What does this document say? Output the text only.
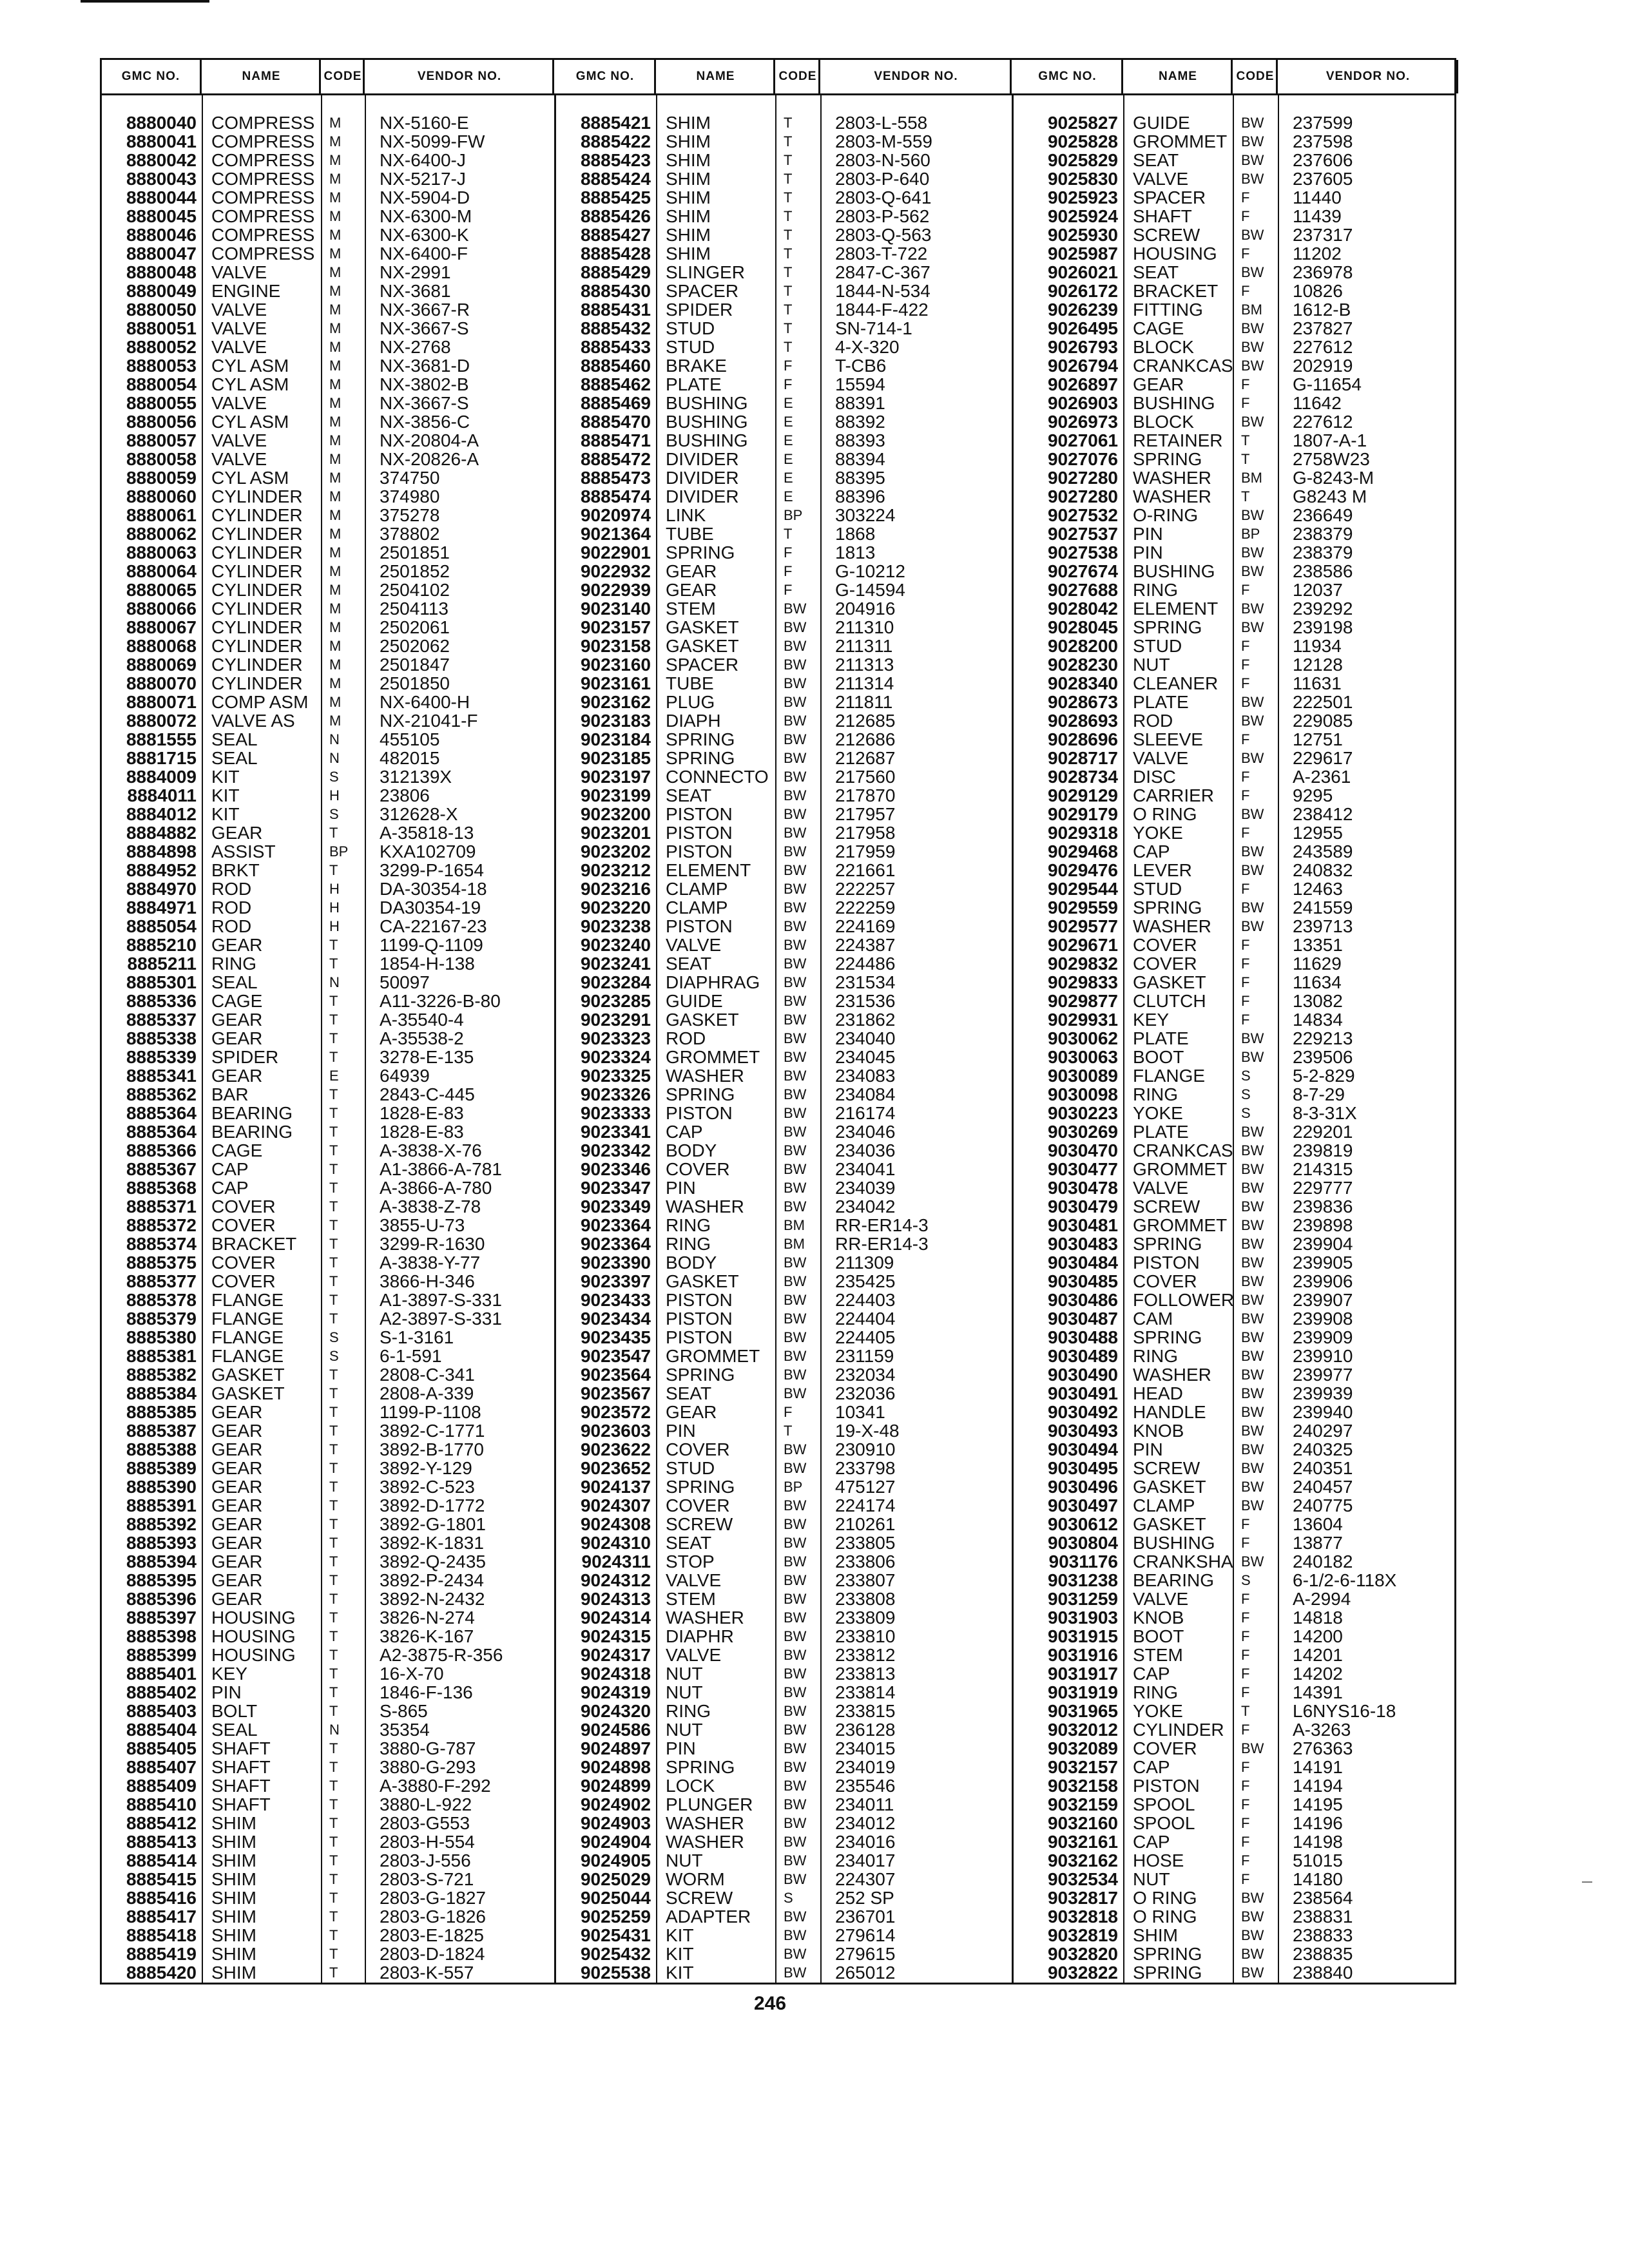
GMC NO.	NAME	CODE	VENDOR NO.	GMC NO.	NAME	CODE	VENDOR NO.	GMC NO.	NAME	CODE	VENDOR NO.
8880040 COMPRESS	M	NX-5160-E
8880041 COMPRESS	M	NX-5099-FW
8880042 COMPRESS	M	NX-6400-J
8880043 COMPRESS	M	NX-5217-J
8880044 COMPRESS	M	NX-5904-D
8880045 COMPRESS	M	NX-6300-M
8880046 COMPRESS	M	NX-6300-K
8880047 COMPRESS	M	NX-6400-F
8880048 VALVE	M	NX-2991
8880049 ENGINE	M	NX-3681
8880050 VALVE	M	NX-3667-R
8880051 VALVE	M	NX-3667-S
8880052 VALVE	M	NX-2768
8880053 CYL ASM	M	NX-3681-D
8880054 CYL ASM	M	NX-3802-B
8880055 VALVE	M	NX-3667-S
8880056 CYL ASM	M	NX-3856-C
8880057 VALVE	M	NX-20804-A
8880058 VALVE	M	NX-20826-A
8880059 CYL ASM	M	374750
8880060 CYLINDER	M	374980
8880061 CYLINDER	M	375278
8880062 CYLINDER	M	378802
8880063 CYLINDER	M	2501851
8880064 CYLINDER	M	2501852
8880065 CYLINDER	M	2504102
8880066 CYLINDER	M	2504113
8880067 CYLINDER	M	2502061
8880068 CYLINDER	M	2502062
8880069 CYLINDER	M	2501847
8880070 CYLINDER	M	2501850
8880071 COMP ASM	M	NX-6400-H
8880072 VALVE AS	M	NX-21041-F
8881555 SEAL	N	455105
8881715 SEAL	N	482015
8884009 KIT	S	312139X
8884011 KIT	H	23806
8884012 KIT	S	312628-X
8884882 GEAR	T	A-35818-13
8884898 ASSIST	BP	KXA102709
8884952 BRKT	T	3299-P-1654
8884970 ROD	H	DA-30354-18
8884971 ROD	H	DA30354-19
8885054 ROD	H	CA-22167-23
8885210 GEAR	T	1199-Q-1109
8885211 RING	T	1854-H-138
8885301 SEAL	N	50097
8885336 CAGE	T	A11-3226-B-80
8885337 GEAR	T	A-35540-4
8885338 GEAR	T	A-35538-2
8885339 SPIDER	T	3278-E-135
8885341 GEAR	E	64939
8885362 BAR	T	2843-C-445
8885364 BEARING	T	1828-E-83
8885364 BEARING	T	1828-E-83
8885366 CAGE	T	A-3838-X-76
8885367 CAP	T	A1-3866-A-781
8885368 CAP	T	A-3866-A-780
8885371 COVER	T	A-3838-Z-78
8885372 COVER	T	3855-U-73
8885374 BRACKET	T	3299-R-1630
8885375 COVER	T	A-3838-Y-77
8885377 COVER	T	3866-H-346
8885378 FLANGE	T	A1-3897-S-331
8885379 FLANGE	T	A2-3897-S-331
8885380 FLANGE	S	S-1-3161
8885381 FLANGE	S	6-1-591
8885382 GASKET	T	2808-C-341
8885384 GASKET	T	2808-A-339
8885385 GEAR	T	1199-P-1108
8885387 GEAR	T	3892-C-1771
8885388 GEAR	T	3892-B-1770
8885389 GEAR	T	3892-Y-129
8885390 GEAR	T	3892-C-523
8885391 GEAR	T	3892-D-1772
8885392 GEAR	T	3892-G-1801
8885393 GEAR	T	3892-K-1831
8885394 GEAR	T	3892-Q-2435
8885395 GEAR	T	3892-P-2434
8885396 GEAR	T	3892-N-2432
8885397 HOUSING	T	3826-N-274
8885398 HOUSING	T	3826-K-167
8885399 HOUSING	T	A2-3875-R-356
8885401 KEY	T	16-X-70
8885402 PIN	T	1846-F-136
8885403 BOLT	T	S-865
8885404 SEAL	N	35354
8885405 SHAFT	T	3880-G-787
8885407 SHAFT	T	3880-G-293
8885409 SHAFT	T	A-3880-F-292
8885410 SHAFT	T	3880-L-922
8885412 SHIM	T	2803-G553
8885413 SHIM	T	2803-H-554
8885414 SHIM	T	2803-J-556
8885415 SHIM	T	2803-S-721
8885416 SHIM	T	2803-G-1827
8885417 SHIM	T	2803-G-1826
8885418 SHIM	T	2803-E-1825
8885419 SHIM	T	2803-D-1824
8885420 SHIM	T	2803-K-557
8885421 SHIM	T	2803-L-558
8885422 SHIM	T	2803-M-559
8885423 SHIM	T	2803-N-560
8885424 SHIM	T	2803-P-640
8885425 SHIM	T	2803-Q-641
8885426 SHIM	T	2803-P-562
8885427 SHIM	T	2803-Q-563
8885428 SHIM	T	2803-T-722
8885429 SLINGER	T	2847-C-367
8885430 SPACER	T	1844-N-534
8885431 SPIDER	T	1844-F-422
8885432 STUD	T	SN-714-1
8885433 STUD	T	4-X-320
8885460 BRAKE	F	T-CB6
8885462 PLATE	F	15594
8885469 BUSHING	E	88391
8885470 BUSHING	E	88392
8885471 BUSHING	E	88393
8885472 DIVIDER	E	88394
8885473 DIVIDER	E	88395
8885474 DIVIDER	E	88396
9020974 LINK	BP	303224
9021364 TUBE	T	1868
9022901 SPRING	F	1813
9022932 GEAR	F	G-10212
9022939 GEAR	F	G-14594
9023140 STEM	BW	204916
9023157 GASKET	BW	211310
9023158 GASKET	BW	211311
9023160 SPACER	BW	211313
9023161 TUBE	BW	211314
9023162 PLUG	BW	211811
9023183 DIAPH	BW	212685
9023184 SPRING	BW	212686
9023185 SPRING	BW	212687
9023197 CONNECTO	BW	217560
9023199 SEAT	BW	217870
9023200 PISTON	BW	217957
9023201 PISTON	BW	217958
9023202 PISTON	BW	217959
9023212 ELEMENT	BW	221661
9023216 CLAMP	BW	222257
9023220 CLAMP	BW	222259
9023238 PISTON	BW	224169
9023240 VALVE	BW	224387
9023241 SEAT	BW	224486
9023284 DIAPHRAG	BW	231534
9023285 GUIDE	BW	231536
9023291 GASKET	BW	231862
9023323 ROD	BW	234040
9023324 GROMMET	BW	234045
9023325 WASHER	BW	234083
9023326 SPRING	BW	234084
9023333 PISTON	BW	216174
9023341 CAP	BW	234046
9023342 BODY	BW	234036
9023346 COVER	BW	234041
9023347 PIN	BW	234039
9023349 WASHER	BW	234042
9023364 RING	BM	RR-ER14-3
9023364 RING	BM	RR-ER14-3
9023390 BODY	BW	211309
9023397 GASKET	BW	235425
9023433 PISTON	BW	224403
9023434 PISTON	BW	224404
9023435 PISTON	BW	224405
9023547 GROMMET	BW	231159
9023564 SPRING	BW	232034
9023567 SEAT	BW	232036
9023572 GEAR	F	10341
9023603 PIN	T	19-X-48
9023622 COVER	BW	230910
9023652 STUD	BW	233798
9024137 SPRING	BP	475127
9024307 COVER	BW	224174
9024308 SCREW	BW	210261
9024310 SEAT	BW	233805
9024311 STOP	BW	233806
9024312 VALVE	BW	233807
9024313 STEM	BW	233808
9024314 WASHER	BW	233809
9024315 DIAPHR	BW	233810
9024317 VALVE	BW	233812
9024318 NUT	BW	233813
9024319 NUT	BW	233814
9024320 RING	BW	233815
9024586 NUT	BW	236128
9024897 PIN	BW	234015
9024898 SPRING	BW	234019
9024899 LOCK	BW	235546
9024902 PLUNGER	BW	234011
9024903 WASHER	BW	234012
9024904 WASHER	BW	234016
9024905 NUT	BW	234017
9025029 WORM	BW	224307
9025044 SCREW	S	252 SP
9025259 ADAPTER	BW	236701
9025431 KIT	BW	279614
9025432 KIT	BW	279615
9025538 KIT	BW	265012
9025827 GUIDE	BW	237599
9025828 GROMMET BW	237598
9025829 SEAT	BW	237606
9025830 VALVE	BW	237605
9025923 SPACER	F	11440
9025924 SHAFT	F	11439
9025930 SCREW	BW	237317
9025987 HOUSING	F	11202
9026021 SEAT	BW	236978
9026172 BRACKET	F	10826
9026239 FITTING	BM	1612-B
9026495 CAGE	BW	237827
9026793 BLOCK	BW	227612
9026794 CRANKCAS BW	202919
9026897 GEAR	F	G-11654
9026903 BUSHING	F	11642
9026973 BLOCK	BW	227612
9027061 RETAINER	T	1807-A-1
9027076 SPRING	T	2758W23
9027280 WASHER	BM	G-8243-M
9027280 WASHER	T	G8243 M
9027532 O-RING	BW	236649
9027537 PIN	BP	238379
9027538 PIN	BW	238379
9027674 BUSHING	BW	238586
9027688 RING	F	12037
9028042 ELEMENT	BW	239292
9028045 SPRING	BW	239198
9028200 STUD	F	11934
9028230 NUT	F	12128
9028340 CLEANER	F	11631
9028673 PLATE	BW	222501
9028693 ROD	BW	229085
9028696 SLEEVE	F	12751
9028717 VALVE	BW	229617
9028734 DISC	F	A-2361
9029129 CARRIER	F	9295
9029179 O RING	BW	238412
9029318 YOKE	F	12955
9029468 CAP	BW	243589
9029476 LEVER	BW	240832
9029544 STUD	F	12463
9029559 SPRING	BW	241559
9029577 WASHER	BW	239713
9029671 COVER	F	13351
9029832 COVER	F	11629
9029833 GASKET	F	11634
9029877 CLUTCH	F	13082
9029931 KEY	F	14834
9030062 PLATE	BW	229213
9030063 BOOT	BW	239506
9030089 FLANGE	S	5-2-829
9030098 RING	S	8-7-29
9030223 YOKE	S	8-3-31X
9030269 PLATE	BW	229201
9030470 CRANKCAS BW	239819
9030477 GROMMET BW	214315
9030478 VALVE	BW	229777
9030479 SCREW	BW	239836
9030481 GROMMET BW	239898
9030483 SPRING	BW	239904
9030484 PISTON	BW	239905
9030485 COVER	BW	239906
9030486 FOLLOWER BW	239907
9030487 CAM	BW	239908
9030488 SPRING	BW	239909
9030489 RING	BW	239910
9030490 WASHER	BW	239977
9030491 HEAD	BW	239939
9030492 HANDLE	BW	239940
9030493 KNOB	BW	240297
9030494 PIN	BW	240325
9030495 SCREW	BW	240351
9030496 GASKET	BW	240457
9030497 CLAMP	BW	240775
9030612 GASKET	F	13604
9030804 BUSHING	F	13877
9031176 CRANKSHA BW	240182
9031238 BEARING	S	6-1/2-6-118X
9031259 VALVE	F	A-2994
9031903 KNOB	F	14818
9031915 BOOT	F	14200
9031916 STEM	F	14201
9031917 CAP	F	14202
9031919 RING	F	14391
9031965 YOKE	T	L6NYS16-18
9032012 CYLINDER	F	A-3263
9032089 COVER	BW	276363
9032157 CAP	F	14191
9032158 PISTON	F	14194
9032159 SPOOL	F	14195
9032160 SPOOL	F	14196
9032161 CAP	F	14198
9032162 HOSE	F	51015
9032534 NUT	F	14180
9032817 O RING	BW	238564
9032818 O RING	BW	238831
9032819 SHIM	BW	238833
9032820 SPRING	BW	238835
9032822 SPRING	BW	238840
246
